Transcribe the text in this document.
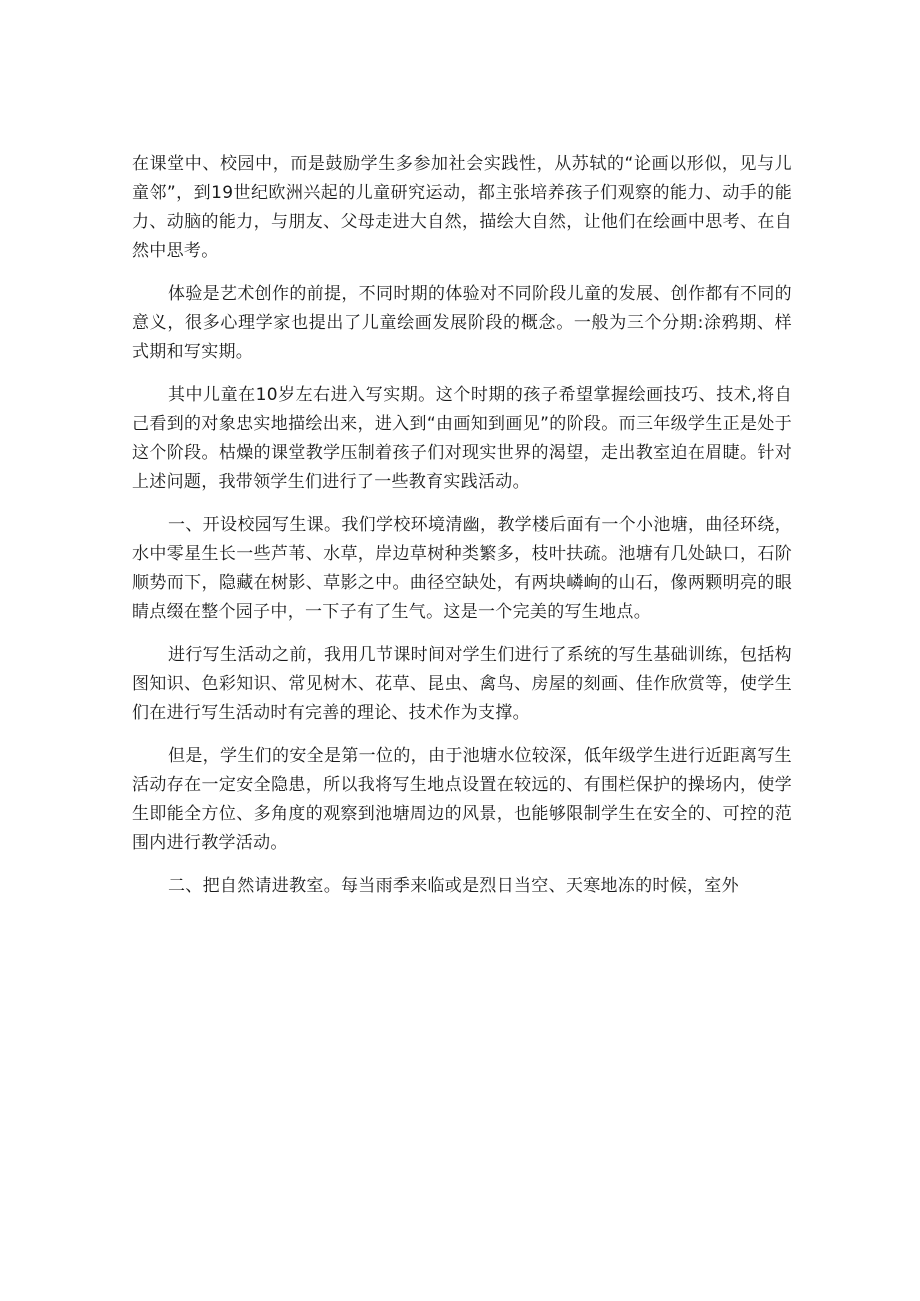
在课堂中、校园中，而是鼓励学生多参加社会实践性，从苏轼的“论画以形似，见与儿童邻”，到19世纪欧洲兴起的儿童研究运动，都主张培养孩子们观察的能力、动手的能力、动脑的能力，与朋友、父母走进大自然，描绘大自然，让他们在绘画中思考、在自然中思考。

体验是艺术创作的前提，不同时期的体验对不同阶段儿童的发展、创作都有不同的意义，很多心理学家也提出了儿童绘画发展阶段的概念。一般为三个分期:涂鸦期、样式期和写实期。

其中儿童在10岁左右进入写实期。这个时期的孩子希望掌握绘画技巧、技术,将自己看到的对象忠实地描绘出来，进入到“由画知到画见”的阶段。而三年级学生正是处于这个阶段。枯燥的课堂教学压制着孩子们对现实世界的渴望，走出教室迫在眉睫。针对上述问题，我带领学生们进行了一些教育实践活动。

一、开设校园写生课。我们学校环境清幽，教学楼后面有一个小池塘，曲径环绕，水中零星生长一些芦苇、水草，岸边草树种类繁多，枝叶扶疏。池塘有几处缺口，石阶顺势而下，隐藏在树影、草影之中。曲径空缺处，有两块嶙峋的山石，像两颗明亮的眼睛点缀在整个园子中，一下子有了生气。这是一个完美的写生地点。

进行写生活动之前，我用几节课时间对学生们进行了系统的写生基础训练，包括构图知识、色彩知识、常见树木、花草、昆虫、禽鸟、房屋的刻画、佳作欣赏等，使学生们在进行写生活动时有完善的理论、技术作为支撑。

但是，学生们的安全是第一位的，由于池塘水位较深，低年级学生进行近距离写生活动存在一定安全隐患，所以我将写生地点设置在较远的、有围栏保护的操场内，使学生即能全方位、多角度的观察到池塘周边的风景，也能够限制学生在安全的、可控的范围内进行教学活动。

二、把自然请进教室。每当雨季来临或是烈日当空、天寒地冻的时候，室外
